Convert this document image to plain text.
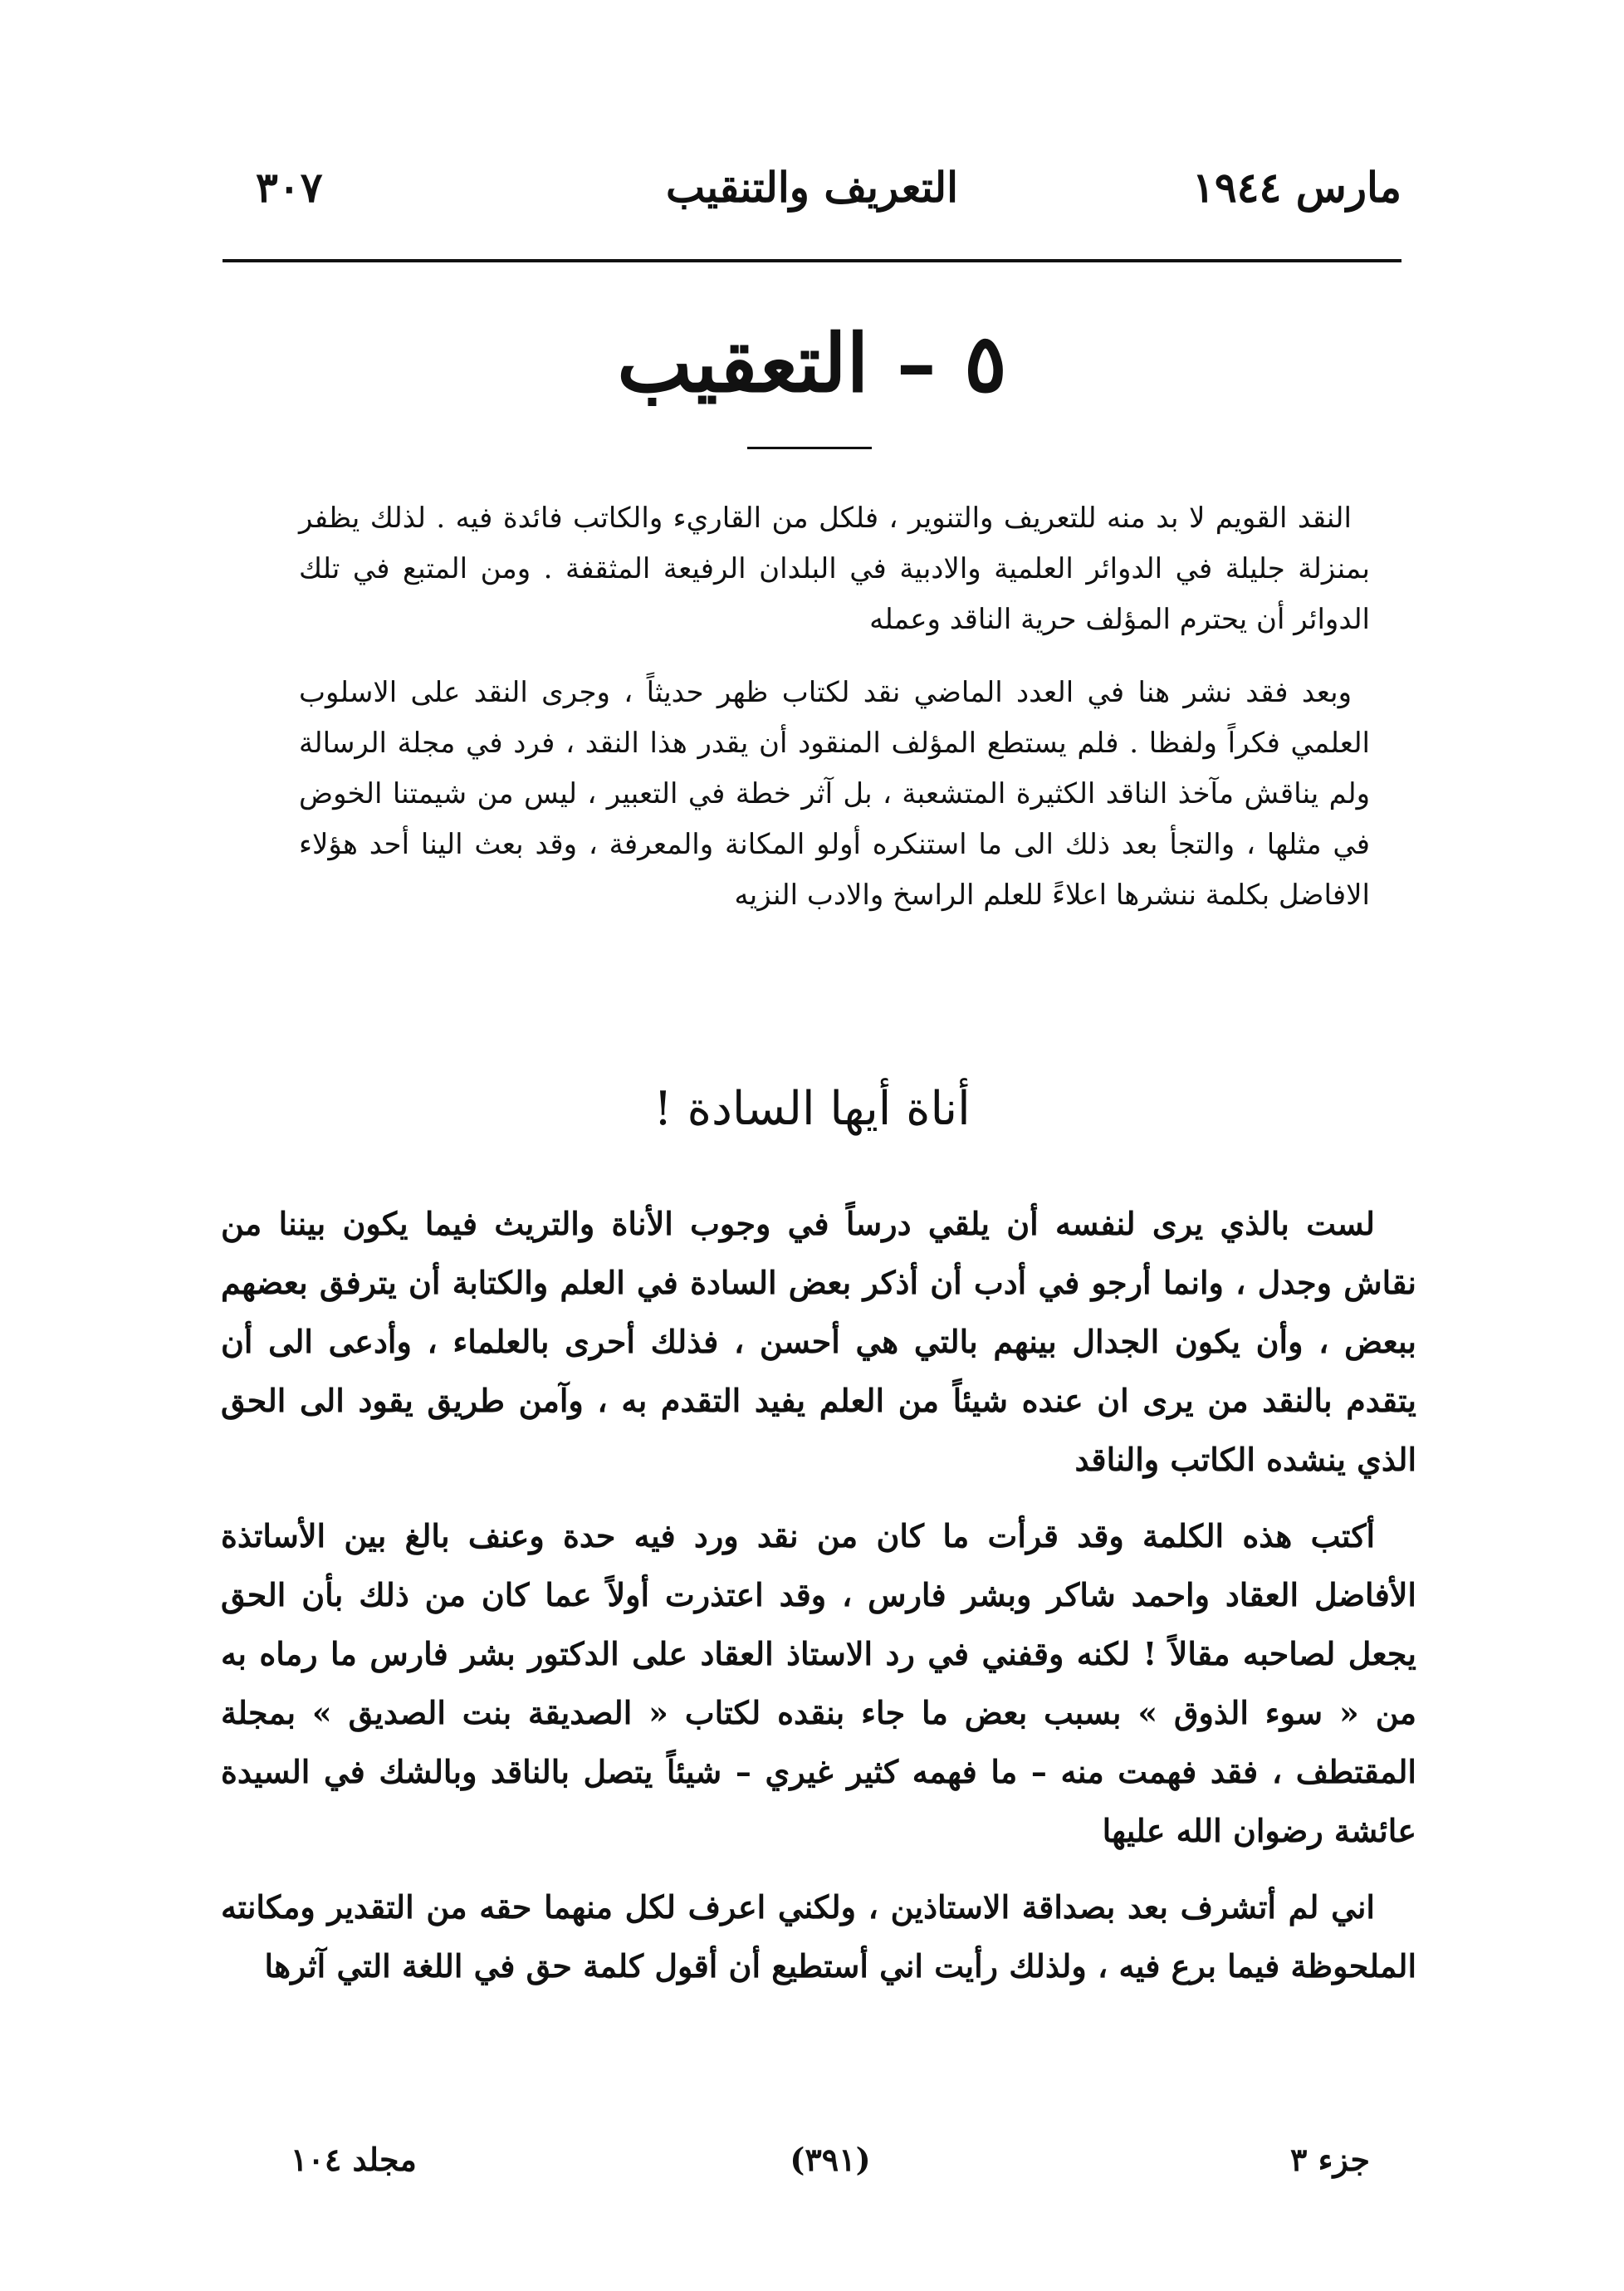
مارس ١٩٤٤
التعريف والتنقيب
٣٠٧
٥ – التعقيب

النقد القويم لا بد منه للتعريف والتنوير ، فلكل من القاريء والكاتب فائدة فيه . لذلك يظفر بمنزلة جليلة في الدوائر العلمية والادبية في البلدان الرفيعة المثقفة . ومن المتبع في تلك الدوائر أن يحترم المؤلف حرية الناقد وعمله

وبعد فقد نشر هنا في العدد الماضي نقد لكتاب ظهر حديثاً ، وجرى النقد على الاسلوب العلمي فكراً ولفظا . فلم يستطع المؤلف المنقود أن يقدر هذا النقد ، فرد في مجلة الرسالة ولم يناقش مآخذ الناقد الكثيرة المتشعبة ، بل آثر خطة في التعبير ، ليس من شيمتنا الخوض في مثلها ، والتجأ بعد ذلك الى ما استنكره أولو المكانة والمعرفة ، وقد بعث الينا أحد هؤلاء الافاضل بكلمة ننشرها اعلاءً للعلم الراسخ والادب النزيه

أناة أيها السادة !

لست بالذي يرى لنفسه أن يلقي درساً في وجوب الأناة والتريث فيما يكون بيننا من نقاش وجدل ، وانما أرجو في أدب أن أذكر بعض السادة في العلم والكتابة أن يترفق بعضهم ببعض ، وأن يكون الجدال بينهم بالتي هي أحسن ، فذلك أحرى بالعلماء ، وأدعى الى أن يتقدم بالنقد من يرى ان عنده شيئاً من العلم يفيد التقدم به ، وآمن طريق يقود الى الحق الذي ينشده الكاتب والناقد

أكتب هذه الكلمة وقد قرأت ما كان من نقد ورد فيه حدة وعنف بالغ بين الأساتذة الأفاضل العقاد واحمد شاكر وبشر فارس ، وقد اعتذرت أولاً عما كان من ذلك بأن الحق يجعل لصاحبه مقالاً ! لكنه وقفني في رد الاستاذ العقاد على الدكتور بشر فارس ما رماه به من « سوء الذوق » بسبب بعض ما جاء بنقده لكتاب « الصديقة بنت الصديق » بمجلة المقتطف ، فقد فهمت منه – ما فهمه كثير غيري – شيئاً يتصل بالناقد وبالشك في السيدة عائشة رضوان الله عليها

اني لم أتشرف بعد بصداقة الاستاذين ، ولكني اعرف لكل منهما حقه من التقدير ومكانته الملحوظة فيما برع فيه ، ولذلك رأيت اني أستطيع أن أقول كلمة حق في اللغة التي آثرها

جزء ٣
(٣٩١)
مجلد ١٠٤
